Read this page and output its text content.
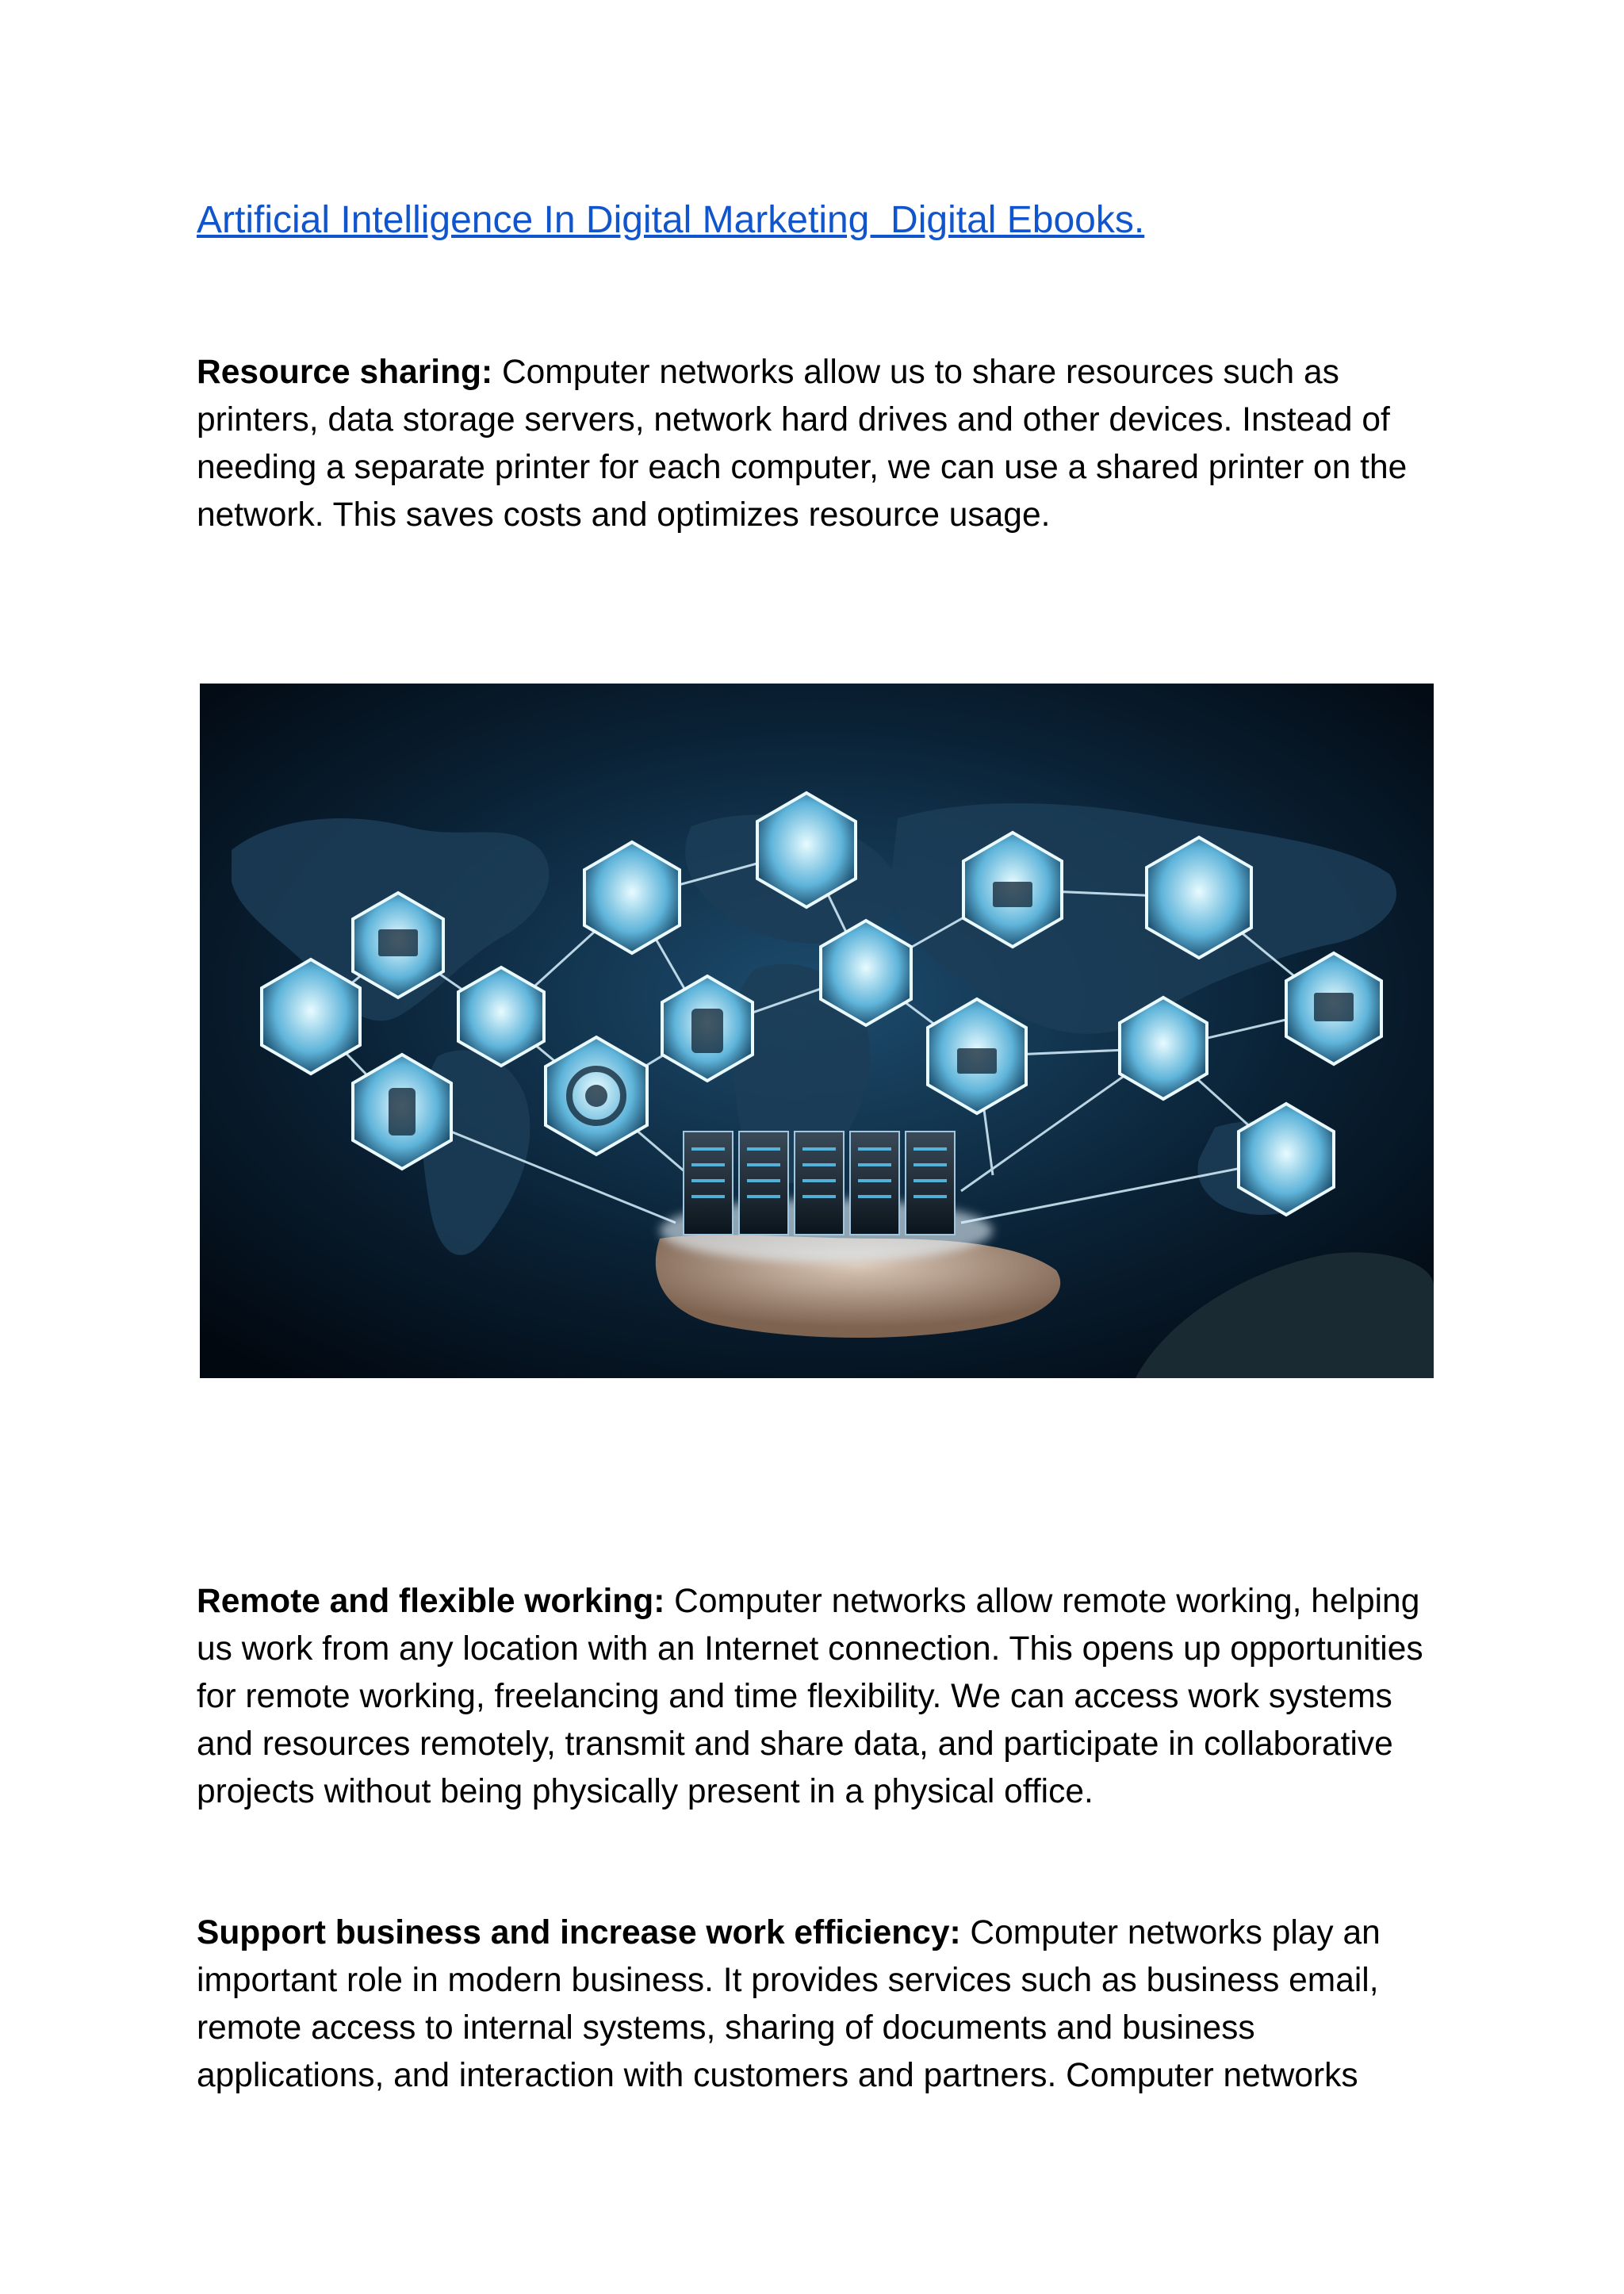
Artificial Intelligence In Digital Marketing  Digital Ebooks.

Resource sharing: Computer networks allow us to share resources such as printers, data storage servers, network hard drives and other devices. Instead of needing a separate printer for each computer, we can use a shared printer on the network. This saves costs and optimizes resource usage.

Remote and flexible working: Computer networks allow remote working, helping us work from any location with an Internet connection. This opens up opportunities for remote working, freelancing and time flexibility. We can access work systems and resources remotely, transmit and share data, and participate in collaborative projects without being physically present in a physical office.

Support business and increase work efficiency: Computer networks play an important role in modern business. It provides services such as business email, remote access to internal systems, sharing of documents and business applications, and interaction with customers and partners. Computer networks
